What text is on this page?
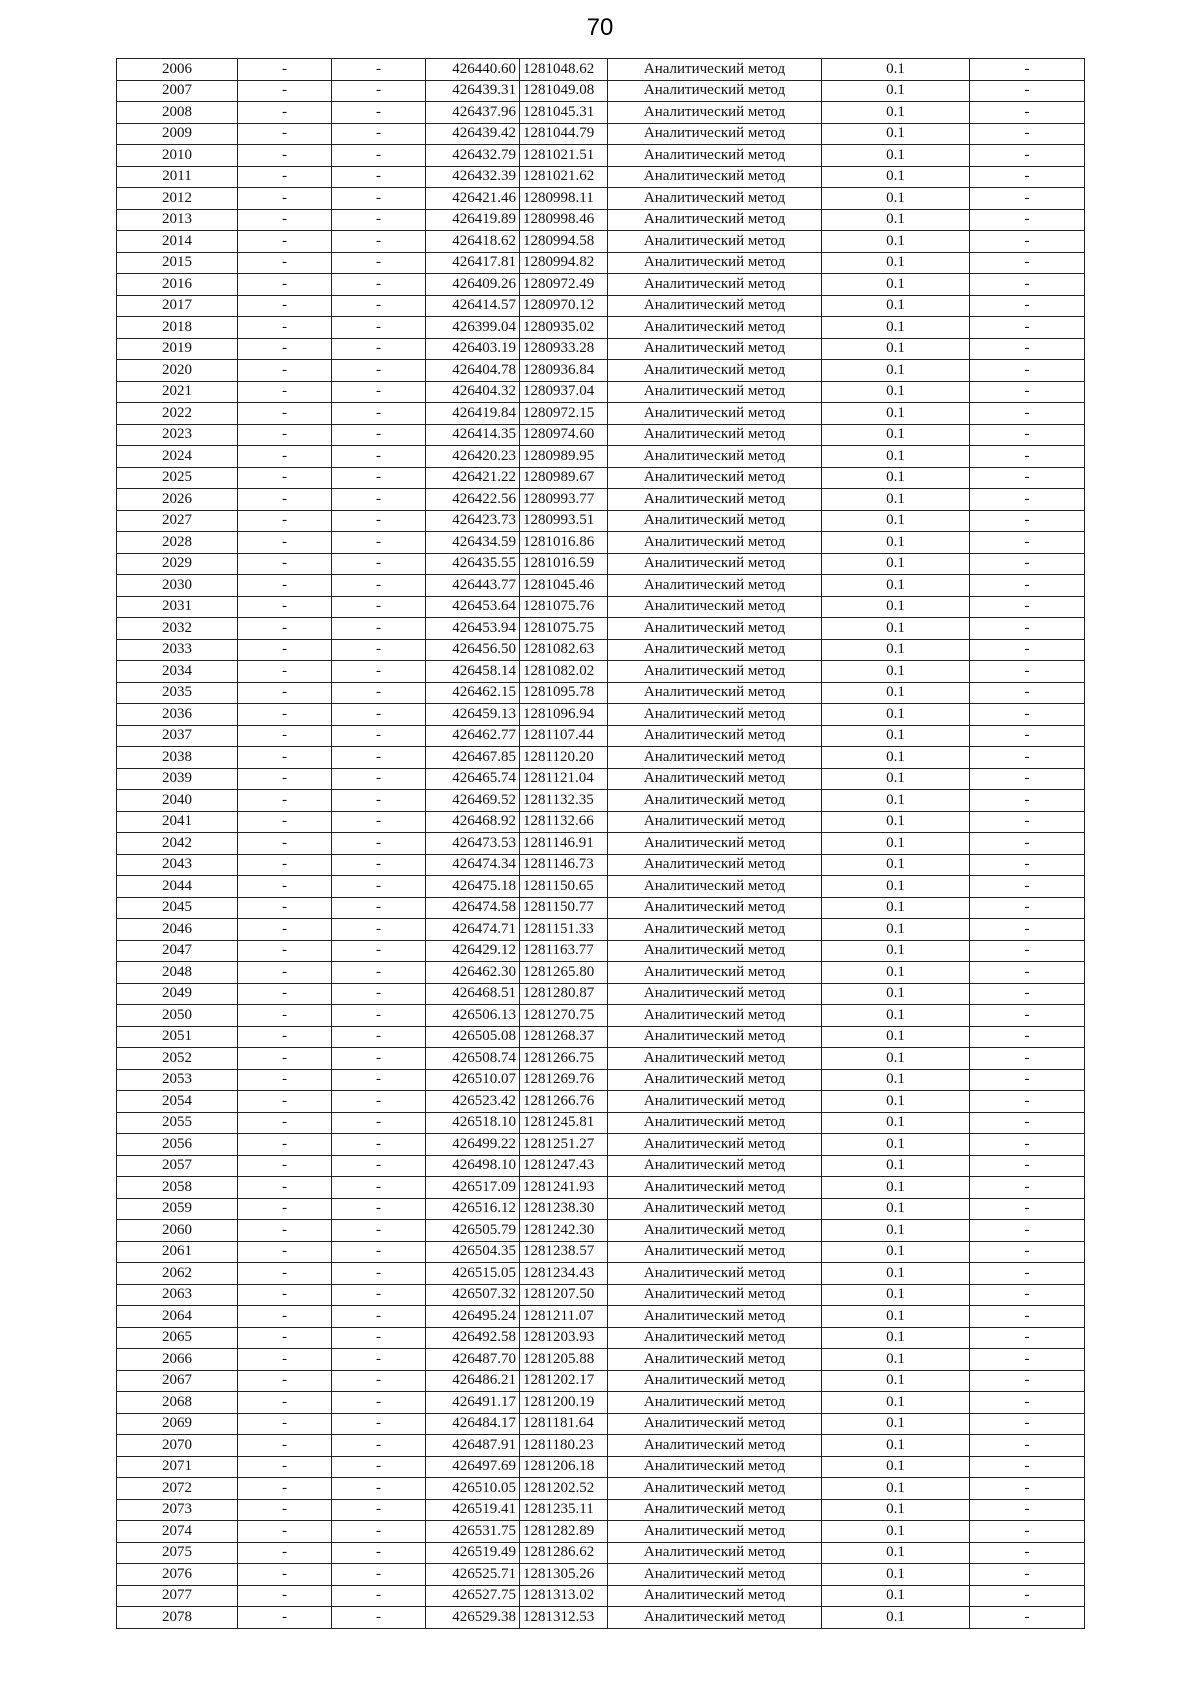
70
2006	-	-	426440.60	1281048.62	Аналитический метод	0.1	-
2007	-	-	426439.31	1281049.08	Аналитический метод	0.1	-
2008	-	-	426437.96	1281045.31	Аналитический метод	0.1	-
2009	-	-	426439.42	1281044.79	Аналитический метод	0.1	-
2010	-	-	426432.79	1281021.51	Аналитический метод	0.1	-
2011	-	-	426432.39	1281021.62	Аналитический метод	0.1	-
2012	-	-	426421.46	1280998.11	Аналитический метод	0.1	-
2013	-	-	426419.89	1280998.46	Аналитический метод	0.1	-
2014	-	-	426418.62	1280994.58	Аналитический метод	0.1	-
2015	-	-	426417.81	1280994.82	Аналитический метод	0.1	-
2016	-	-	426409.26	1280972.49	Аналитический метод	0.1	-
2017	-	-	426414.57	1280970.12	Аналитический метод	0.1	-
2018	-	-	426399.04	1280935.02	Аналитический метод	0.1	-
2019	-	-	426403.19	1280933.28	Аналитический метод	0.1	-
2020	-	-	426404.78	1280936.84	Аналитический метод	0.1	-
2021	-	-	426404.32	1280937.04	Аналитический метод	0.1	-
2022	-	-	426419.84	1280972.15	Аналитический метод	0.1	-
2023	-	-	426414.35	1280974.60	Аналитический метод	0.1	-
2024	-	-	426420.23	1280989.95	Аналитический метод	0.1	-
2025	-	-	426421.22	1280989.67	Аналитический метод	0.1	-
2026	-	-	426422.56	1280993.77	Аналитический метод	0.1	-
2027	-	-	426423.73	1280993.51	Аналитический метод	0.1	-
2028	-	-	426434.59	1281016.86	Аналитический метод	0.1	-
2029	-	-	426435.55	1281016.59	Аналитический метод	0.1	-
2030	-	-	426443.77	1281045.46	Аналитический метод	0.1	-
2031	-	-	426453.64	1281075.76	Аналитический метод	0.1	-
2032	-	-	426453.94	1281075.75	Аналитический метод	0.1	-
2033	-	-	426456.50	1281082.63	Аналитический метод	0.1	-
2034	-	-	426458.14	1281082.02	Аналитический метод	0.1	-
2035	-	-	426462.15	1281095.78	Аналитический метод	0.1	-
2036	-	-	426459.13	1281096.94	Аналитический метод	0.1	-
2037	-	-	426462.77	1281107.44	Аналитический метод	0.1	-
2038	-	-	426467.85	1281120.20	Аналитический метод	0.1	-
2039	-	-	426465.74	1281121.04	Аналитический метод	0.1	-
2040	-	-	426469.52	1281132.35	Аналитический метод	0.1	-
2041	-	-	426468.92	1281132.66	Аналитический метод	0.1	-
2042	-	-	426473.53	1281146.91	Аналитический метод	0.1	-
2043	-	-	426474.34	1281146.73	Аналитический метод	0.1	-
2044	-	-	426475.18	1281150.65	Аналитический метод	0.1	-
2045	-	-	426474.58	1281150.77	Аналитический метод	0.1	-
2046	-	-	426474.71	1281151.33	Аналитический метод	0.1	-
2047	-	-	426429.12	1281163.77	Аналитический метод	0.1	-
2048	-	-	426462.30	1281265.80	Аналитический метод	0.1	-
2049	-	-	426468.51	1281280.87	Аналитический метод	0.1	-
2050	-	-	426506.13	1281270.75	Аналитический метод	0.1	-
2051	-	-	426505.08	1281268.37	Аналитический метод	0.1	-
2052	-	-	426508.74	1281266.75	Аналитический метод	0.1	-
2053	-	-	426510.07	1281269.76	Аналитический метод	0.1	-
2054	-	-	426523.42	1281266.76	Аналитический метод	0.1	-
2055	-	-	426518.10	1281245.81	Аналитический метод	0.1	-
2056	-	-	426499.22	1281251.27	Аналитический метод	0.1	-
2057	-	-	426498.10	1281247.43	Аналитический метод	0.1	-
2058	-	-	426517.09	1281241.93	Аналитический метод	0.1	-
2059	-	-	426516.12	1281238.30	Аналитический метод	0.1	-
2060	-	-	426505.79	1281242.30	Аналитический метод	0.1	-
2061	-	-	426504.35	1281238.57	Аналитический метод	0.1	-
2062	-	-	426515.05	1281234.43	Аналитический метод	0.1	-
2063	-	-	426507.32	1281207.50	Аналитический метод	0.1	-
2064	-	-	426495.24	1281211.07	Аналитический метод	0.1	-
2065	-	-	426492.58	1281203.93	Аналитический метод	0.1	-
2066	-	-	426487.70	1281205.88	Аналитический метод	0.1	-
2067	-	-	426486.21	1281202.17	Аналитический метод	0.1	-
2068	-	-	426491.17	1281200.19	Аналитический метод	0.1	-
2069	-	-	426484.17	1281181.64	Аналитический метод	0.1	-
2070	-	-	426487.91	1281180.23	Аналитический метод	0.1	-
2071	-	-	426497.69	1281206.18	Аналитический метод	0.1	-
2072	-	-	426510.05	1281202.52	Аналитический метод	0.1	-
2073	-	-	426519.41	1281235.11	Аналитический метод	0.1	-
2074	-	-	426531.75	1281282.89	Аналитический метод	0.1	-
2075	-	-	426519.49	1281286.62	Аналитический метод	0.1	-
2076	-	-	426525.71	1281305.26	Аналитический метод	0.1	-
2077	-	-	426527.75	1281313.02	Аналитический метод	0.1	-
2078	-	-	426529.38	1281312.53	Аналитический метод	0.1	-
